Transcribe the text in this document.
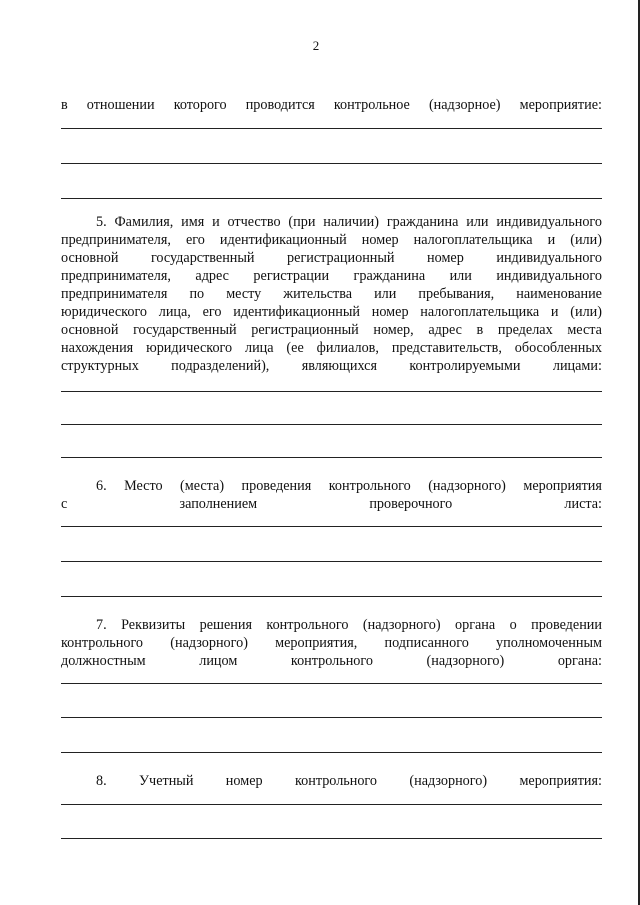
2
в отношении которого проводится контрольное (надзорное) мероприятие:
5. Фамилия, имя и отчество (при наличии) гражданина или индивидуального
предпринимателя, его идентификационный номер налогоплательщика и (или)
основной государственный регистрационный номер индивидуального
предпринимателя, адрес регистрации гражданина или индивидуального
предпринимателя по месту жительства или пребывания, наименование
юридического лица, его идентификационный номер налогоплательщика и (или)
основной государственный регистрационный номер, адрес в пределах места
нахождения юридического лица (ее филиалов, представительств, обособленных
структурных подразделений), являющихся контролируемыми лицами:
6. Место (места) проведения контрольного (надзорного) мероприятия
с	заполнением	проверочного	листа:
7. Реквизиты решения контрольного (надзорного) органа о проведении
контрольного (надзорного) мероприятия, подписанного уполномоченным
должностным	лицом	контрольного	(надзорного)	органа:
8. Учетный номер контрольного (надзорного) мероприятия:
